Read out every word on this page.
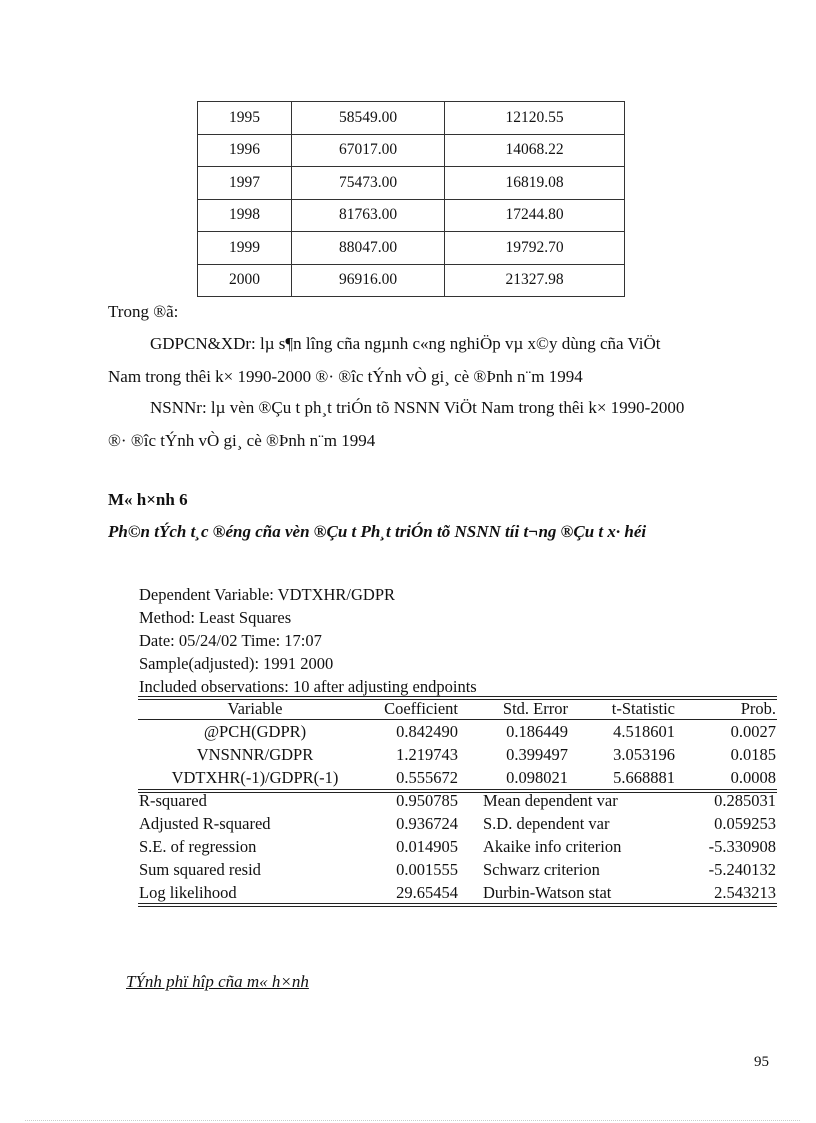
1995	58549.00	12120.55
1996	67017.00	14068.22
1997	75473.00	16819.08
1998	81763.00	17244.80
1999	88047.00	19792.70
2000	96916.00	21327.98
Trong ®ã:
GDPCN&XDr: lµ s¶n lîng cña ngµnh c«ng nghiÖp vµ x©y dùng cña ViÖt
Nam trong thêi k× 1990-2000 ®· ®îc tÝnh vÒ gi¸ cè ®Þnh n¨m 1994
NSNNr: lµ vèn ®Çu t ph¸t triÓn tõ NSNN ViÖt Nam trong thêi k× 1990-2000
®· ®îc tÝnh vÒ gi¸ cè ®Þnh n¨m 1994
M« h×nh 6
Ph©n tÝch t¸c ®éng cña vèn ®Çu t Ph¸t triÓn tõ NSNN tíi t¬ng ®Çu t x· héi
Dependent Variable: VDTXHR/GDPR
Method: Least Squares
Date: 05/24/02 Time: 17:07
Sample(adjusted): 1991 2000
Included observations: 10 after adjusting endpoints
Variable	Coefficient	Std. Error	t-Statistic	Prob.
@PCH(GDPR)	0.842490	0.186449	4.518601	0.0027
VNSNNR/GDPR	1.219743	0.399497	3.053196	0.0185
VDTXHR(-1)/GDPR(-1)	0.555672	0.098021	5.668881	0.0008
R-squared	0.950785 Mean dependent var	0.285031
Adjusted R-squared	0.936724 S.D. dependent var	0.059253
S.E. of regression	0.014905 Akaike info criterion	-5.330908
Sum squared resid	0.001555 Schwarz criterion	-5.240132
Log likelihood	29.65454 Durbin-Watson stat	2.543213
TÝnh phï hîp cña m« h×nh
95
